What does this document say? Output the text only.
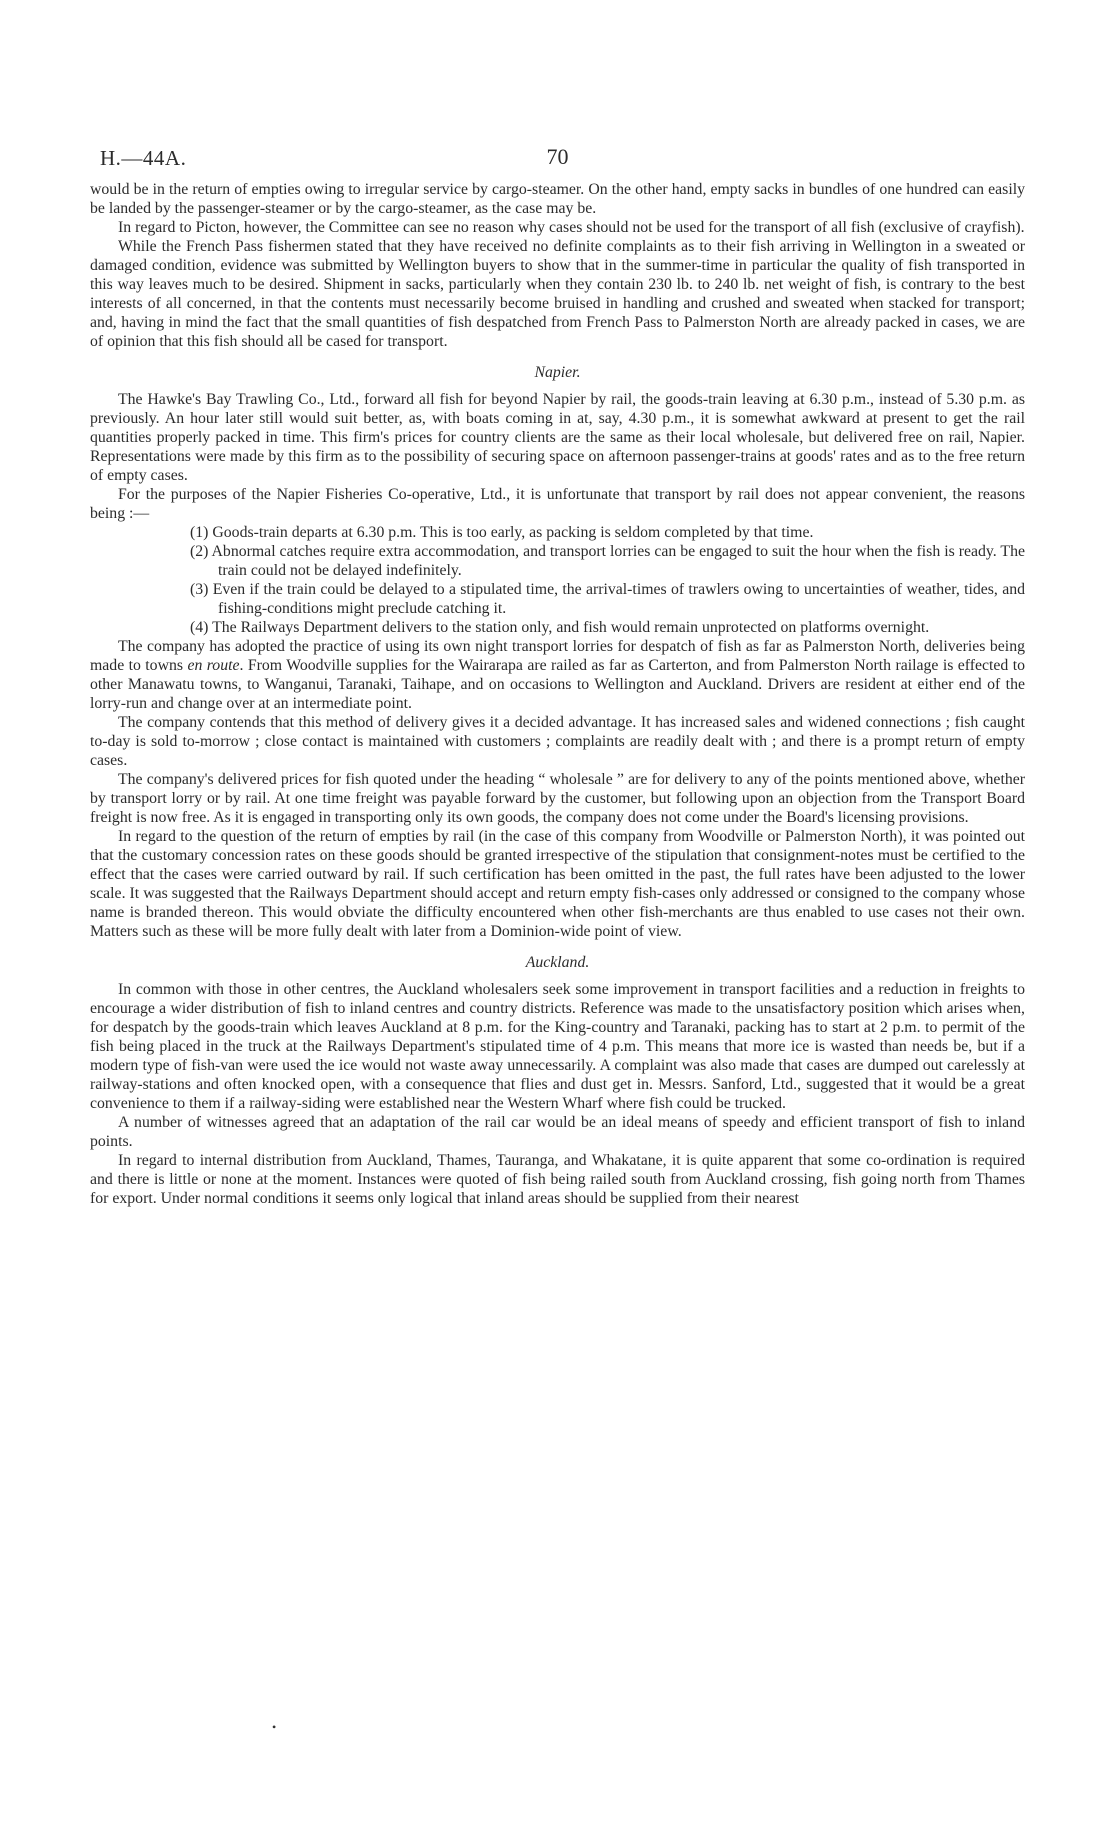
H.—44A.	70

would be in the return of empties owing to irregular service by cargo-steamer. On the other hand, empty sacks in bundles of one hundred can easily be landed by the passenger-steamer or by the cargo-steamer, as the case may be.

In regard to Picton, however, the Committee can see no reason why cases should not be used for the transport of all fish (exclusive of crayfish).

While the French Pass fishermen stated that they have received no definite complaints as to their fish arriving in Wellington in a sweated or damaged condition, evidence was submitted by Wellington buyers to show that in the summer-time in particular the quality of fish transported in this way leaves much to be desired. Shipment in sacks, particularly when they contain 230 lb. to 240 lb. net weight of fish, is contrary to the best interests of all concerned, in that the contents must necessarily become bruised in handling and crushed and sweated when stacked for transport; and, having in mind the fact that the small quantities of fish despatched from French Pass to Palmerston North are already packed in cases, we are of opinion that this fish should all be cased for transport.

Napier.

The Hawke's Bay Trawling Co., Ltd., forward all fish for beyond Napier by rail, the goods-train leaving at 6.30 p.m., instead of 5.30 p.m. as previously. An hour later still would suit better, as, with boats coming in at, say, 4.30 p.m., it is somewhat awkward at present to get the rail quantities properly packed in time. This firm's prices for country clients are the same as their local wholesale, but delivered free on rail, Napier. Representations were made by this firm as to the possibility of securing space on afternoon passenger-trains at goods' rates and as to the free return of empty cases.

For the purposes of the Napier Fisheries Co-operative, Ltd., it is unfortunate that transport by rail does not appear convenient, the reasons being :—

(1) Goods-train departs at 6.30 p.m. This is too early, as packing is seldom completed by that time.
(2) Abnormal catches require extra accommodation, and transport lorries can be engaged to suit the hour when the fish is ready. The train could not be delayed indefinitely.
(3) Even if the train could be delayed to a stipulated time, the arrival-times of trawlers owing to uncertainties of weather, tides, and fishing-conditions might preclude catching it.
(4) The Railways Department delivers to the station only, and fish would remain unprotected on platforms overnight.

The company has adopted the practice of using its own night transport lorries for despatch of fish as far as Palmerston North, deliveries being made to towns en route. From Woodville supplies for the Wairarapa are railed as far as Carterton, and from Palmerston North railage is effected to other Manawatu towns, to Wanganui, Taranaki, Taihape, and on occasions to Wellington and Auckland. Drivers are resident at either end of the lorry-run and change over at an intermediate point.

The company contends that this method of delivery gives it a decided advantage. It has increased sales and widened connections ; fish caught to-day is sold to-morrow ; close contact is maintained with customers ; complaints are readily dealt with ; and there is a prompt return of empty cases.

The company's delivered prices for fish quoted under the heading “ wholesale ” are for delivery to any of the points mentioned above, whether by transport lorry or by rail. At one time freight was payable forward by the customer, but following upon an objection from the Transport Board freight is now free. As it is engaged in transporting only its own goods, the company does not come under the Board's licensing provisions.

In regard to the question of the return of empties by rail (in the case of this company from Woodville or Palmerston North), it was pointed out that the customary concession rates on these goods should be granted irrespective of the stipulation that consignment-notes must be certified to the effect that the cases were carried outward by rail. If such certification has been omitted in the past, the full rates have been adjusted to the lower scale. It was suggested that the Railways Department should accept and return empty fish-cases only addressed or consigned to the company whose name is branded thereon. This would obviate the difficulty encountered when other fish-merchants are thus enabled to use cases not their own. Matters such as these will be more fully dealt with later from a Dominion-wide point of view.

Auckland.

In common with those in other centres, the Auckland wholesalers seek some improvement in transport facilities and a reduction in freights to encourage a wider distribution of fish to inland centres and country districts. Reference was made to the unsatisfactory position which arises when, for despatch by the goods-train which leaves Auckland at 8 p.m. for the King-country and Taranaki, packing has to start at 2 p.m. to permit of the fish being placed in the truck at the Railways Department's stipulated time of 4 p.m. This means that more ice is wasted than needs be, but if a modern type of fish-van were used the ice would not waste away unnecessarily. A complaint was also made that cases are dumped out carelessly at railway-stations and often knocked open, with a consequence that flies and dust get in. Messrs. Sanford, Ltd., suggested that it would be a great convenience to them if a railway-siding were established near the Western Wharf where fish could be trucked.

A number of witnesses agreed that an adaptation of the rail car would be an ideal means of speedy and efficient transport of fish to inland points.

In regard to internal distribution from Auckland, Thames, Tauranga, and Whakatane, it is quite apparent that some co-ordination is required and there is little or none at the moment. Instances were quoted of fish being railed south from Auckland crossing, fish going north from Thames for export. Under normal conditions it seems only logical that inland areas should be supplied from their nearest

•
